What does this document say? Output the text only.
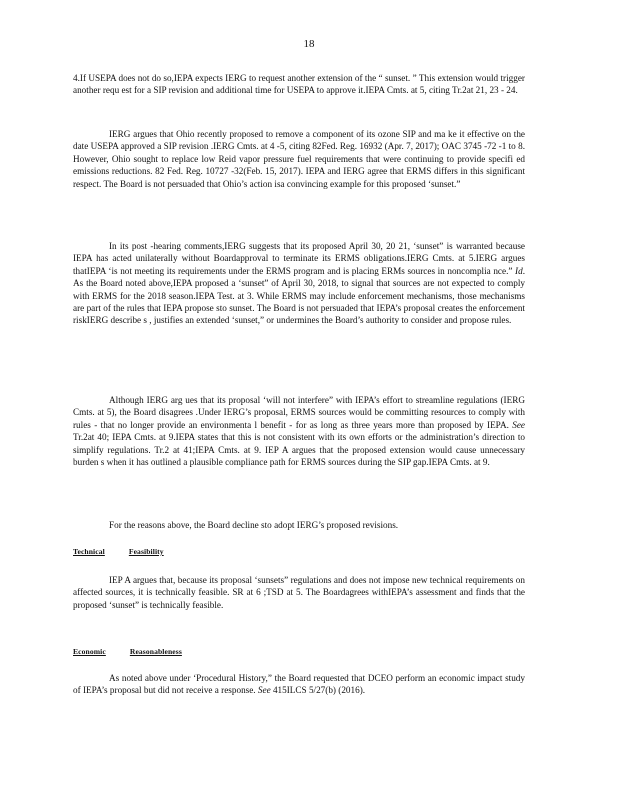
18

4.If USEPA does not do so,IEPA expects IERG to request another extension of the “ sunset. ” This extension would trigger another requ est for a SIP revision and additional time for USEPA to approve it.IEPA Cmts. at 5, citing Tr.2at 21, 23 - 24.

IERG argues that Ohio recently proposed to remove a component of its ozone SIP and ma ke it effective on the date USEPA approved a SIP revision .IERG Cmts. at 4 -5, citing 82Fed. Reg. 16932 (Apr. 7, 2017); OAC 3745 -72 -1 to 8. However, Ohio sought to replace low Reid vapor pressure fuel requirements that were continuing to provide specifi ed emissions reductions. 82 Fed. Reg. 10727 -32(Feb. 15, 2017). IEPA and IERG agree that ERMS differs in this significant respect. The Board is not persuaded that Ohio’s action isa convincing example for this proposed ‘sunset.”

In its post -hearing comments,IERG suggests that its proposed April 30, 20 21, ‘sunset” is warranted because IEPA has acted unilaterally without Boardapproval to terminate its ERMS obligations.IERG Cmts. at 5.IERG argues thatIEPA ‘is not meeting its requirements under the ERMS program and is placing ERMs sources in noncomplia nce.” Id. As the Board noted above,IEPA proposed a ‘sunset” of April 30, 2018, to signal that sources are not expected to comply with ERMS for the 2018 season.IEPA Test. at 3. While ERMS may include enforcement mechanisms, those mechanisms are part of the rules that IEPA propose sto sunset. The Board is not persuaded that IEPA’s proposal creates the enforcement riskIERG describe s , justifies an extended ‘sunset,” or undermines the Board’s authority to consider and propose rules.

Although IERG arg ues that its proposal ‘will not interfere” with IEPA’s effort to streamline regulations (IERG Cmts. at 5), the Board disagrees .Under IERG’s proposal, ERMS sources would be committing resources to comply with rules - that no longer provide an environmenta l benefit - for as long as three years more than proposed by IEPA. See Tr.2at 40; IEPA Cmts. at 9.IEPA states that this is not consistent with its own efforts or the administration’s direction to simplify regulations. Tr.2 at 41;IEPA Cmts. at 9. IEP A argues that the proposed extension would cause unnecessary burden s when it has outlined a plausible compliance path for ERMS sources during the SIP gap.IEPA Cmts. at 9.

For the reasons above, the Board decline sto adopt IERG’s proposed revisions.

Technical	Feasibility

IEP A argues that, because its proposal ‘sunsets” regulations and does not impose new technical requirements on affected sources, it is technically feasible. SR at 6 ;TSD at 5. The Boardagrees withIEPA’s assessment and finds that the proposed ‘sunset” is technically feasible.

Economic	Reasonableness

As noted above under ‘Procedural History,” the Board requested that DCEO perform an economic impact study of IEPA’s proposal but did not receive a response. See 415ILCS 5/27(b) (2016).
